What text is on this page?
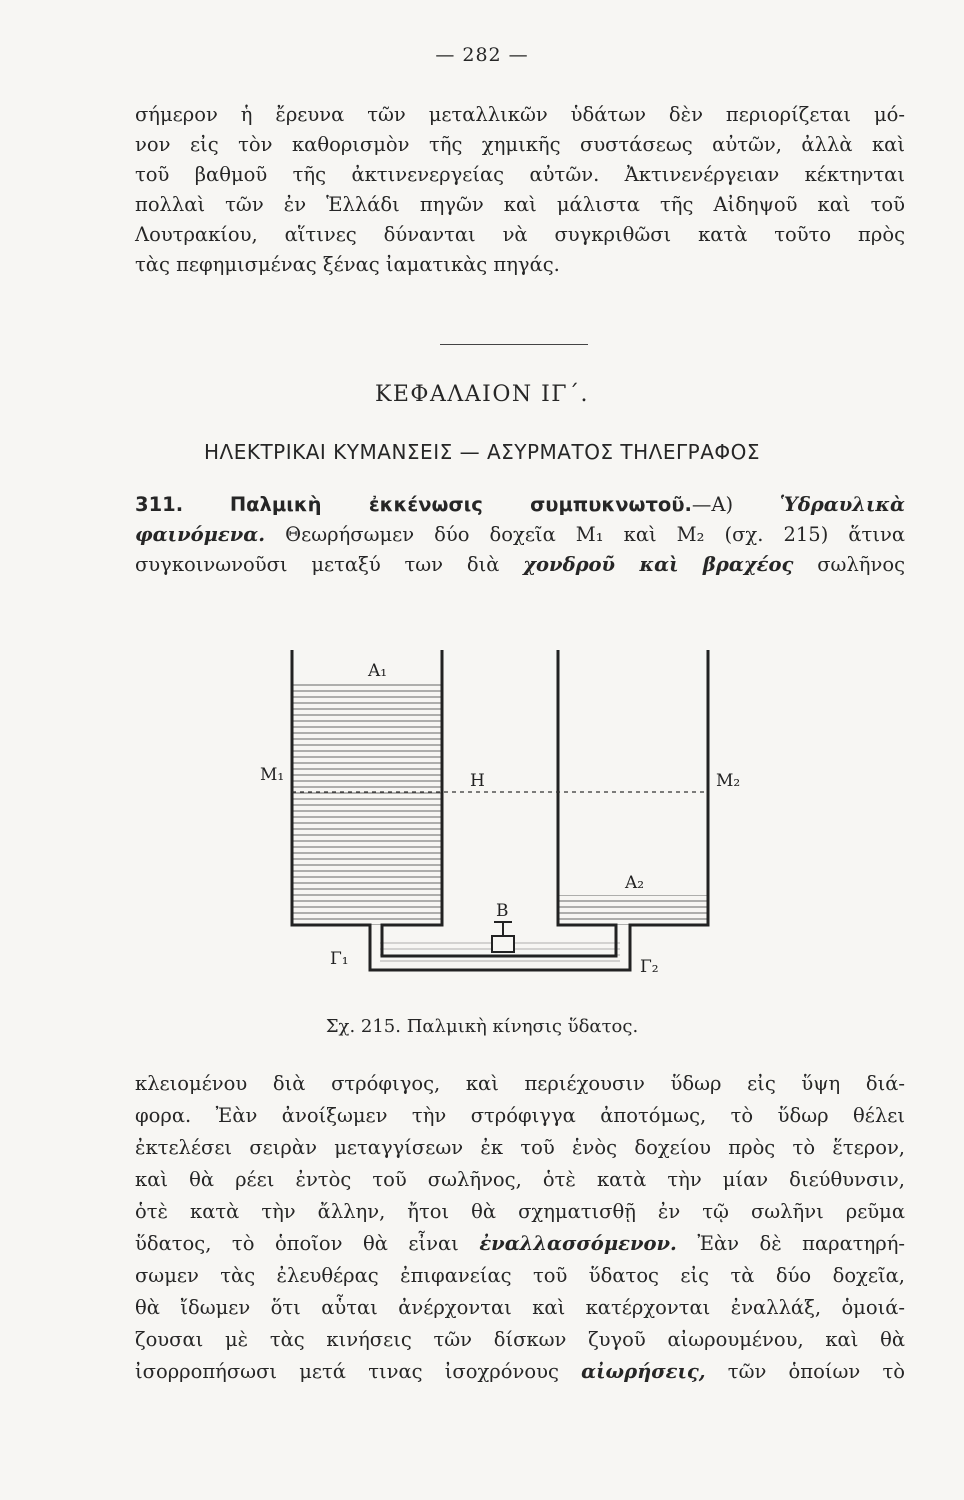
— 282 —
σήμερον ἡ ἔρευνα τῶν μεταλλικῶν ὑδάτων δὲν περιορίζεται μό-
νον εἰς τὸν καθορισμὸν τῆς χημικῆς συστάσεως αὐτῶν, ἀλλὰ καὶ
τοῦ βαθμοῦ τῆς ἀκτινενεργείας αὐτῶν. Ἀκτινενέργειαν κέκτηνται
πολλαὶ τῶν ἐν Ἑλλάδι πηγῶν καὶ μάλιστα τῆς Αἰδηψοῦ καὶ τοῦ
Λουτρακίου, αἵτινες δύνανται νὰ συγκριθῶσι κατὰ τοῦτο πρὸς
τὰς πεφημισμένας ξένας ἰαματικὰς πηγάς.
ΚΕΦΑΛΑΙΟΝ ΙΓ΄.
ΗΛΕΚΤΡΙΚΑΙ ΚΥΜΑΝΣΕΙΣ — ΑΣΥΡΜΑΤΟΣ ΤΗΛΕΓΡΑΦΟΣ
311. Παλμικὴ ἐκκένωσις συμπυκνωτοῦ.—Α) Ὑδραυλικὰ
φαινόμενα. Θεωρήσωμεν δύο δοχεῖα Μ₁ καὶ Μ₂ (σχ. 215) ἅτινα
συγκοινωνοῦσι μεταξύ των διὰ χονδροῦ καὶ βραχέος σωλῆνος
Α₁
Μ₁	Η	Μ₂
Α₂
Β
Γ₁	Γ₂
Σχ. 215. Παλμικὴ κίνησις ὕδατος.
κλειομένου διὰ στρόφιγος, καὶ περιέχουσιν ὕδωρ εἰς ὕψη διά-
φορα. Ἐὰν ἀνοίξωμεν τὴν στρόφιγγα ἀποτόμως, τὸ ὕδωρ θέλει
ἐκτελέσει σειρὰν μεταγγίσεων ἐκ τοῦ ἑνὸς δοχείου πρὸς τὸ ἕτερον,
καὶ θὰ ρέει ἐντὸς τοῦ σωλῆνος, ὁτὲ κατὰ τὴν μίαν διεύθυνσιν,
ὁτὲ κατὰ τὴν ἄλλην, ἤτοι θὰ σχηματισθῇ ἐν τῷ σωλῆνι ρεῦμα
ὕδατος, τὸ ὁποῖον θὰ εἶναι ἐναλλασσόμενον. Ἐὰν δὲ παρατηρή-
σωμεν τὰς ἐλευθέρας ἐπιφανείας τοῦ ὕδατος εἰς τὰ δύο δοχεῖα,
θὰ ἴδωμεν ὅτι αὗται ἀνέρχονται καὶ κατέρχονται ἐναλλάξ, ὁμοιά-
ζουσαι μὲ τὰς κινήσεις τῶν δίσκων ζυγοῦ αἰωρουμένου, καὶ θὰ
ἰσορροπήσωσι μετά τινας ἰσοχρόνους αἰωρήσεις, τῶν ὁποίων τὸ
